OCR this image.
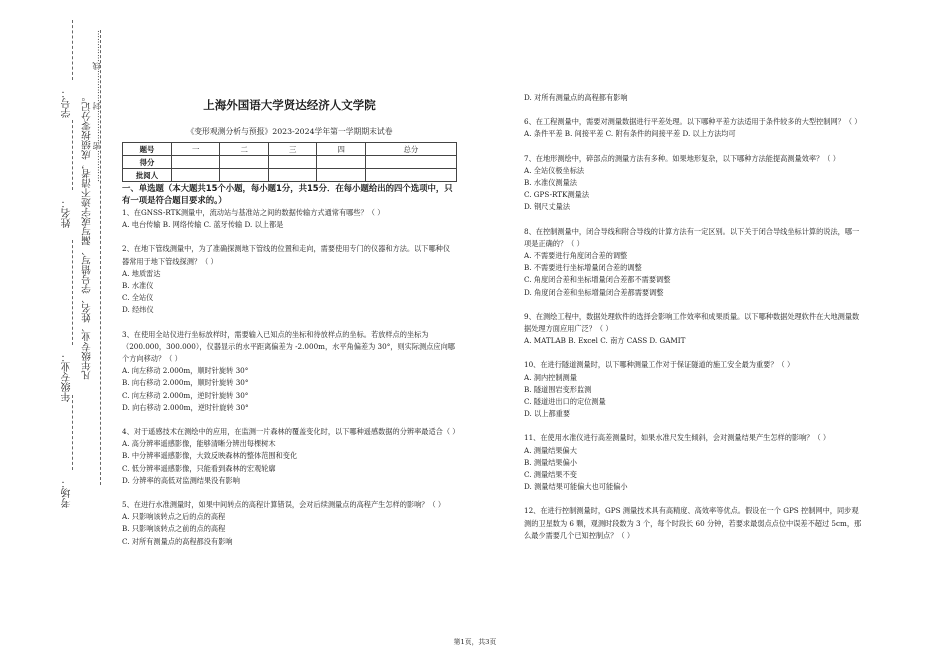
学号：
姓名：
年级专业：
考场：
凡年级专业、姓名、学号错写、漏写或字迹不清者，成绩按零分记。 …………密…………封…………线…………	上海外国语大学贤达经济人文学院
《变形观测分析与预报》2023-2024学年第一学期期末试卷
题号	一	二	三	四	总分
得分					
批阅人					
一、单选题（本大题共15个小题，每小题1分，共15分．在每小题给出的四个选项中，只有一项是符合题目要求的。）

1、在GNSS-RTK测量中，流动站与基准站之间的数据传输方式通常有哪些？（ ）

A. 电台传输 B. 网络传输 C. 蓝牙传输 D. 以上都是

2、在地下管线测量中，为了准确探测地下管线的位置和走向，需要使用专门的仪器和方法。以下哪种仪器常用于地下管线探测？（ ）

A. 地质雷达

B. 水准仪

C. 全站仪

D. 经纬仪

3、在使用全站仪进行坐标放样时，需要输入已知点的坐标和待放样点的坐标。若放样点的坐标为（200.000，300.000），仪器显示的水平距离偏差为 -2.000m，水平角偏差为 30°，则实际测点应向哪个方向移动？（ ）

A. 向左移动 2.000m，顺时针旋转 30°

B. 向右移动 2.000m，顺时针旋转 30°

C. 向左移动 2.000m，逆时针旋转 30°

D. 向右移动 2.000m，逆时针旋转 30°

4、对于遥感技术在测绘中的应用，在监测一片森林的覆盖变化时，以下哪种遥感数据的分辨率最适合（ ）

A. 高分辨率遥感影像，能够清晰分辨出每棵树木

B. 中分辨率遥感影像，大致反映森林的整体范围和变化

C. 低分辨率遥感影像，只能看到森林的宏观轮廓

D. 分辨率的高低对监测结果没有影响

5、在进行水准测量时，如果中间转点的高程计算错误，会对后续测量点的高程产生怎样的影响？（ ）

A. 只影响该转点之后的点的高程

B. 只影响该转点之前的点的高程

C. 对所有测量点的高程都没有影响

D. 对所有测量点的高程都有影响

6、在工程测量中，需要对测量数据进行平差处理。以下哪种平差方法适用于条件较多的大型控制网？（ ）

A. 条件平差 B. 间接平差 C. 附有条件的间接平差 D. 以上方法均可

7、在地形测绘中，碎部点的测量方法有多种。如果地形复杂，以下哪种方法能提高测量效率？（ ）

A. 全站仪极坐标法

B. 水准仪测量法

C. GPS-RTK测量法

D. 钢尺丈量法

8、在控制测量中，闭合导线和附合导线的计算方法有一定区别。以下关于闭合导线坐标计算的说法，哪一项是正确的？（ ）

A. 不需要进行角度闭合差的调整

B. 不需要进行坐标增量闭合差的调整

C. 角度闭合差和坐标增量闭合差都不需要调整

D. 角度闭合差和坐标增量闭合差都需要调整

9、在测绘工程中，数据处理软件的选择会影响工作效率和成果质量。以下哪种数据处理软件在大地测量数据处理方面应用广泛？（ ）

A. MATLAB B. Excel C. 南方 CASS D. GAMIT

10、在进行隧道测量时，以下哪种测量工作对于保证隧道的施工安全最为重要？（ ）

A. 洞内控制测量

B. 隧道围岩变形监测

C. 隧道进出口的定位测量

D. 以上都重要

11、在使用水准仪进行高差测量时，如果水准尺发生倾斜，会对测量结果产生怎样的影响？（ ）

A. 测量结果偏大

B. 测量结果偏小

C. 测量结果不变

D. 测量结果可能偏大也可能偏小

12、在进行控制测量时，GPS 测量技术具有高精度、高效率等优点。假设在一个 GPS 控制网中，同步观测的卫星数为 6 颗，观测时段数为 3 个，每个时段长 60 分钟，若要求最弱点点位中误差不超过 5cm，那么最少需要几个已知控制点？（ ）

第1页，共3页
